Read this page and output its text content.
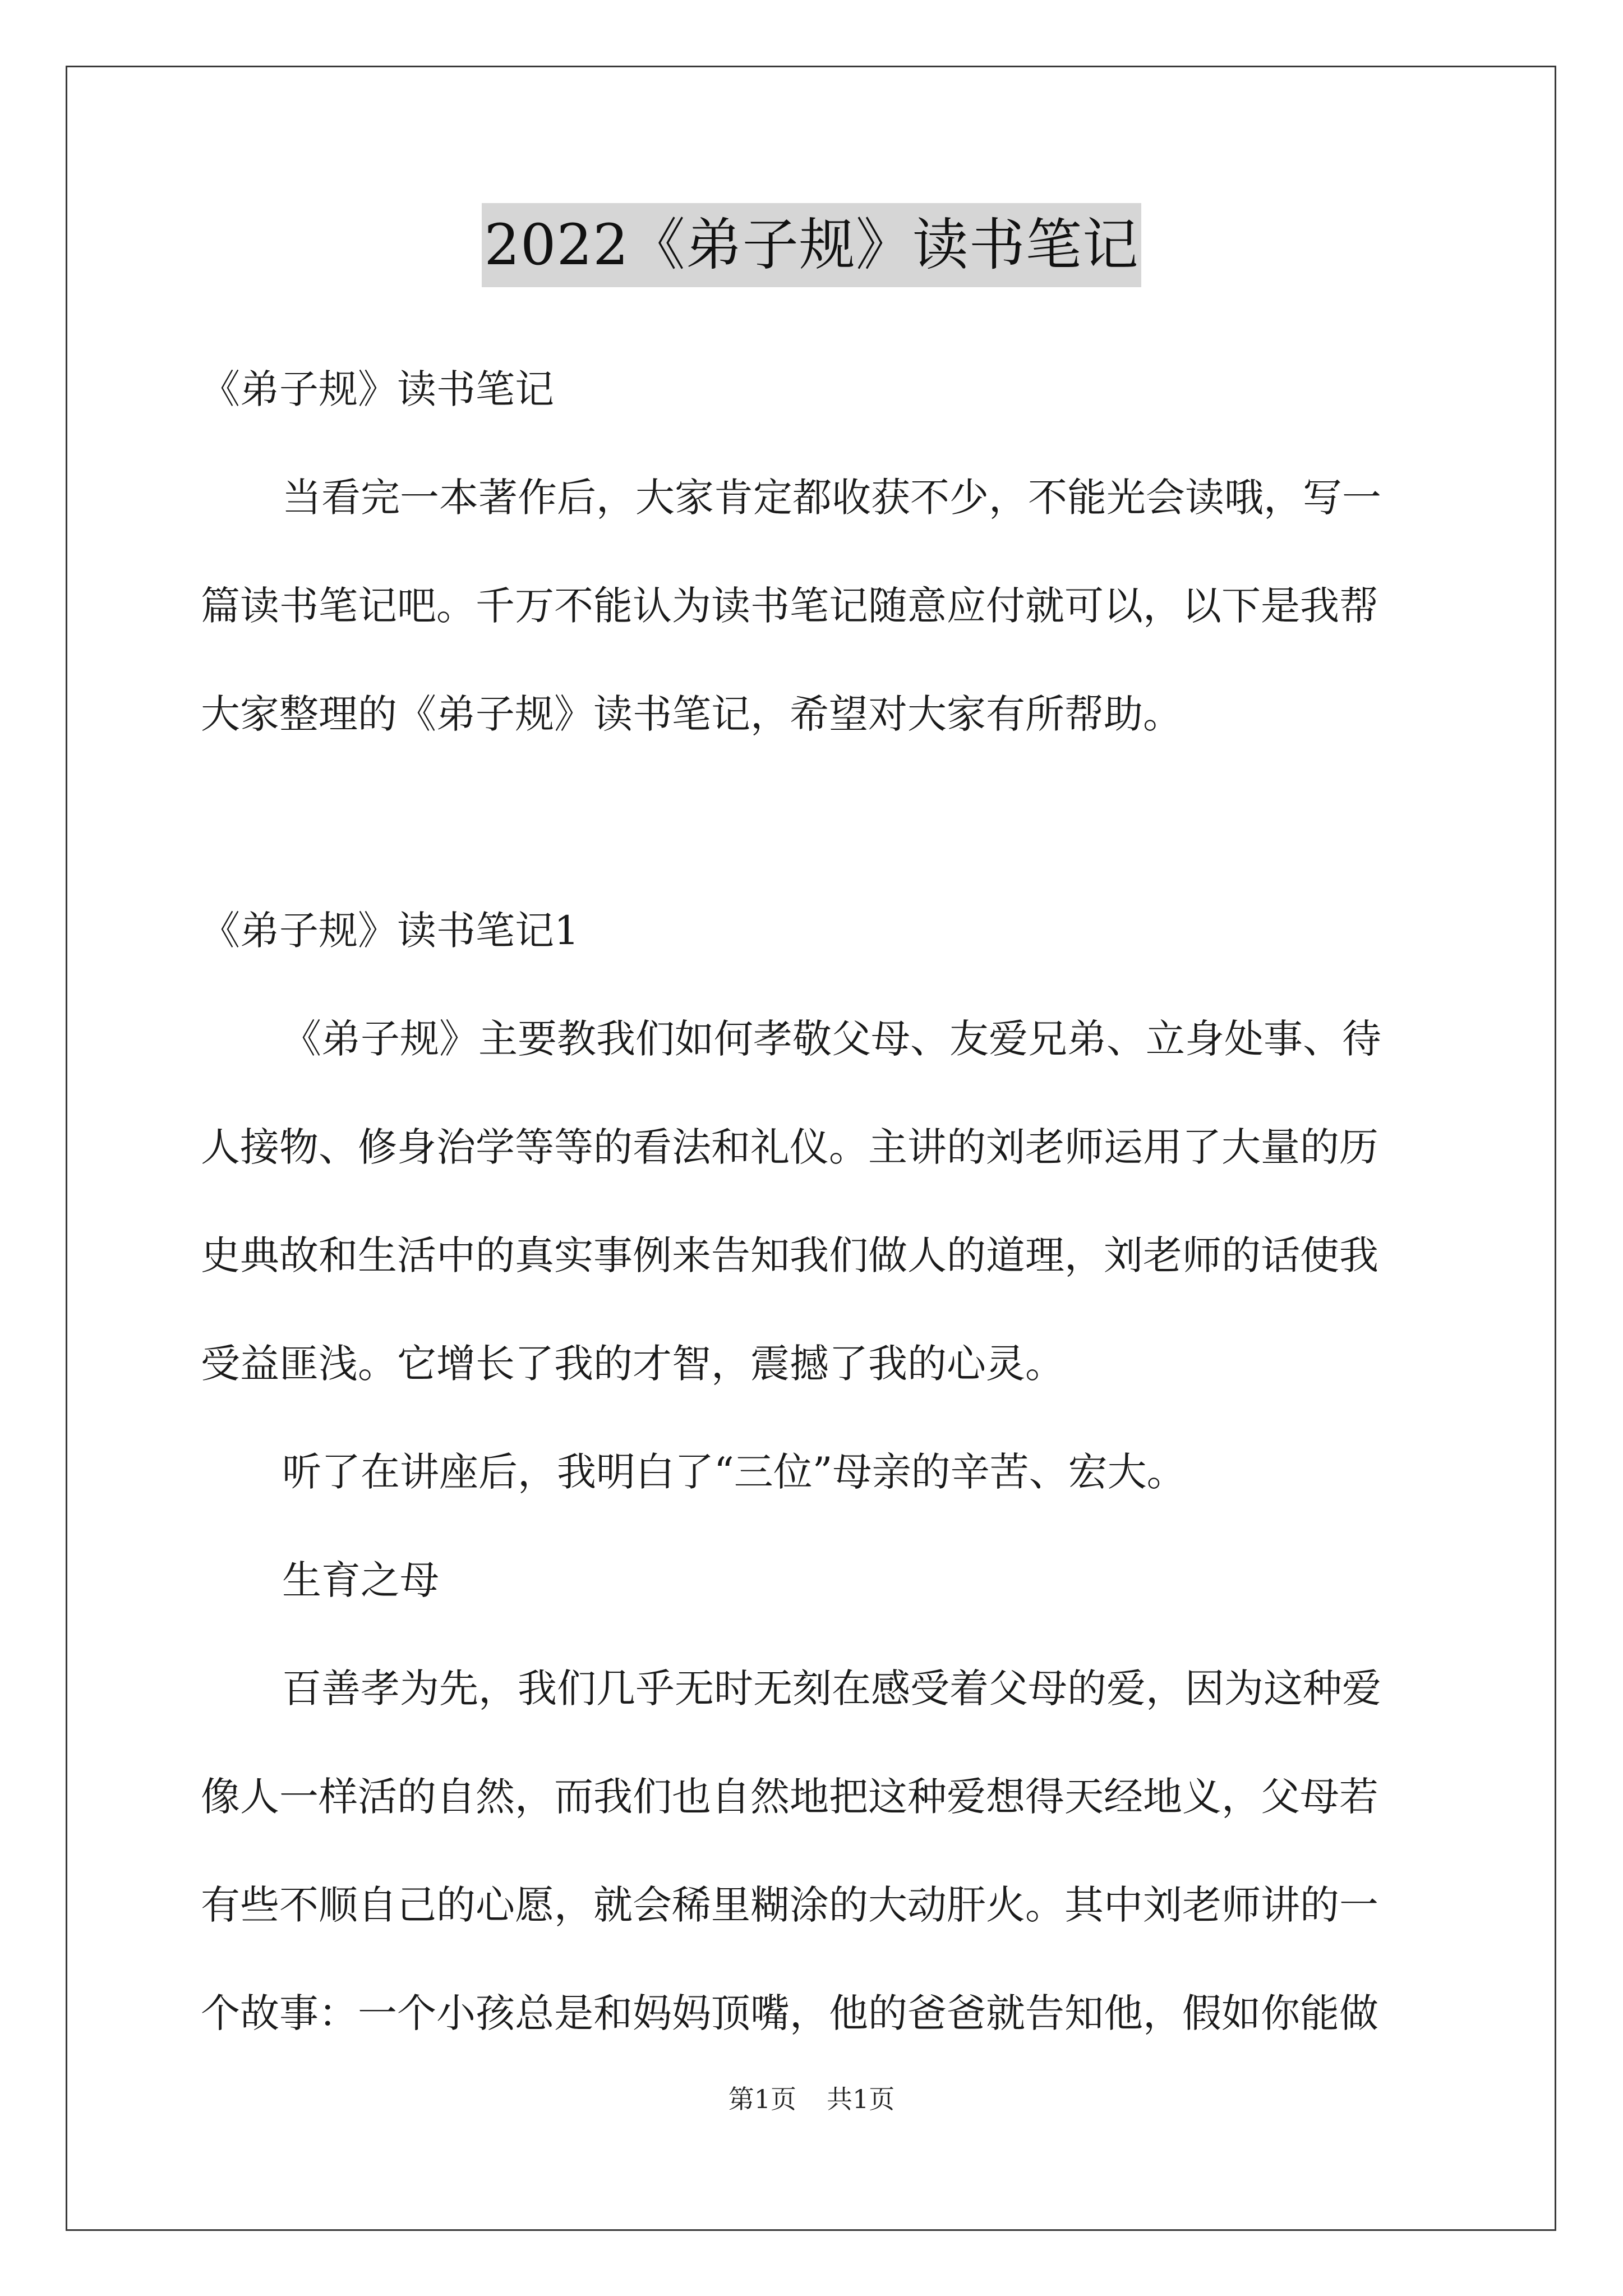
2022《弟子规》读书笔记
《弟子规》读书笔记
当看完一本著作后，大家肯定都收获不少，不能光会读哦，写一
篇读书笔记吧。千万不能认为读书笔记随意应付就可以，以下是我帮
大家整理的《弟子规》读书笔记，希望对大家有所帮助。
《弟子规》读书笔记1
《弟子规》主要教我们如何孝敬父母、友爱兄弟、立身处事、待
人接物、修身治学等等的看法和礼仪。主讲的刘老师运用了大量的历
史典故和生活中的真实事例来告知我们做人的道理，刘老师的话使我
受益匪浅。它增长了我的才智，震撼了我的心灵。
听了在讲座后，我明白了“三位”母亲的辛苦、宏大。
生育之母
百善孝为先，我们几乎无时无刻在感受着父母的爱，因为这种爱
像人一样活的自然，而我们也自然地把这种爱想得天经地义，父母若
有些不顺自己的心愿，就会稀里糊涂的大动肝火。其中刘老师讲的一
个故事：一个小孩总是和妈妈顶嘴，他的爸爸就告知他，假如你能做
第1页 共1页
